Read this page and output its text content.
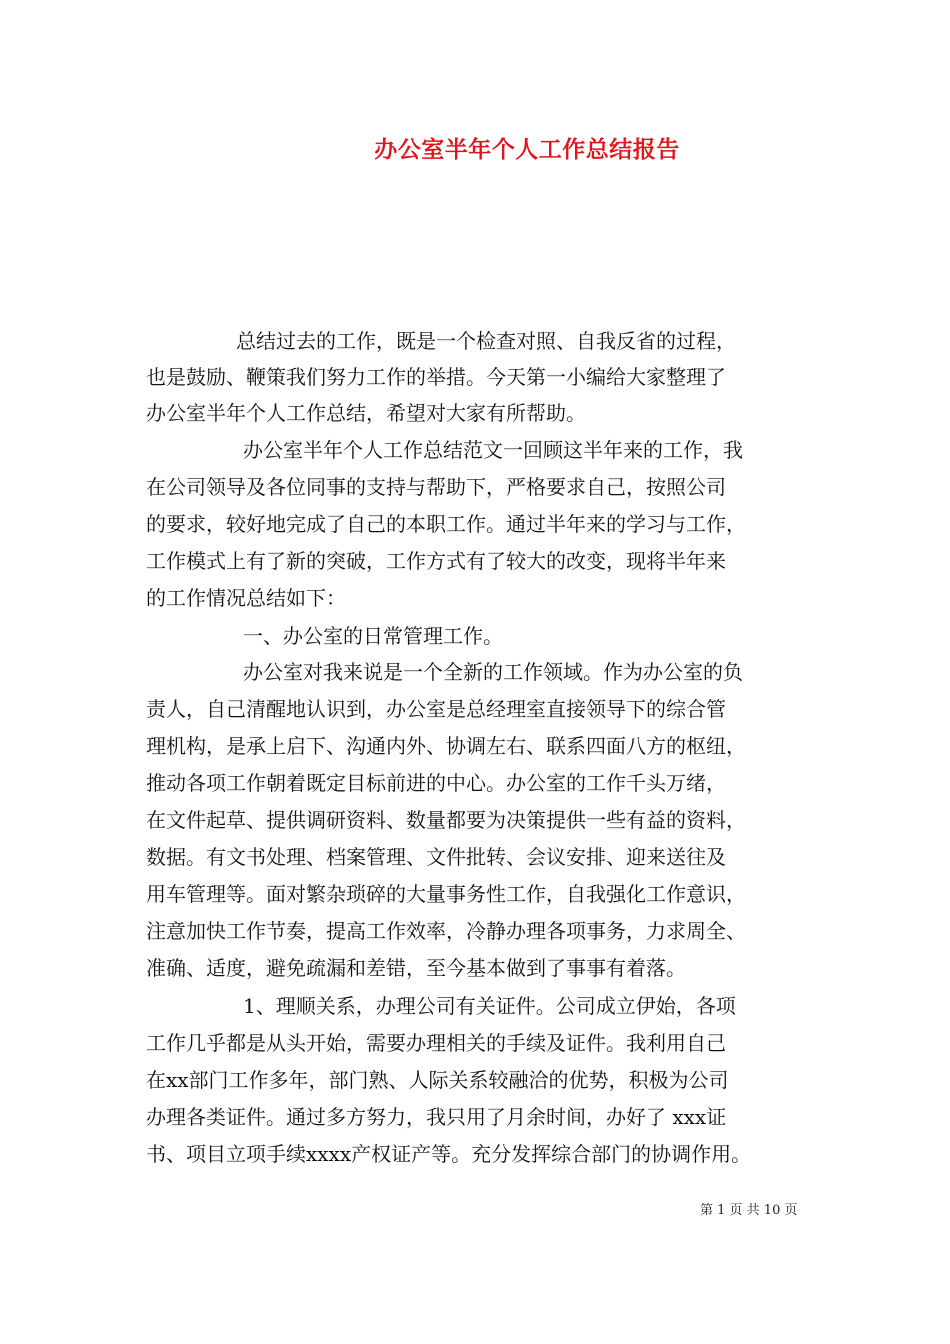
办公室半年个人工作总结报告
总结过去的工作，既是一个检查对照、自我反省的过程，
也是鼓励、鞭策我们努力工作的举措。今天第一小编给大家整理了
办公室半年个人工作总结，希望对大家有所帮助。
办公室半年个人工作总结范文一回顾这半年来的工作，我
在公司领导及各位同事的支持与帮助下，严格要求自己，按照公司
的要求，较好地完成了自己的本职工作。通过半年来的学习与工作，
工作模式上有了新的突破，工作方式有了较大的改变，现将半年来
的工作情况总结如下：
一、办公室的日常管理工作。
办公室对我来说是一个全新的工作领域。作为办公室的负
责人，自己清醒地认识到，办公室是总经理室直接领导下的综合管
理机构，是承上启下、沟通内外、协调左右、联系四面八方的枢纽，
推动各项工作朝着既定目标前进的中心。办公室的工作千头万绪，
在文件起草、提供调研资料、数量都要为决策提供一些有益的资料，
数据。有文书处理、档案管理、文件批转、会议安排、迎来送往及
用车管理等。面对繁杂琐碎的大量事务性工作，自我强化工作意识，
注意加快工作节奏，提高工作效率，冷静办理各项事务，力求周全、
准确、适度，避免疏漏和差错，至今基本做到了事事有着落。
1、理顺关系，办理公司有关证件。公司成立伊始，各项
工作几乎都是从头开始，需要办理相关的手续及证件。我利用自己
在xx部门工作多年，部门熟、人际关系较融洽的优势，积极为公司
办理各类证件。通过多方努力，我只用了月余时间，办好了 xxx证
书、项目立项手续xxxx产权证产等。充分发挥综合部门的协调作用。
第 1 页 共 10 页
